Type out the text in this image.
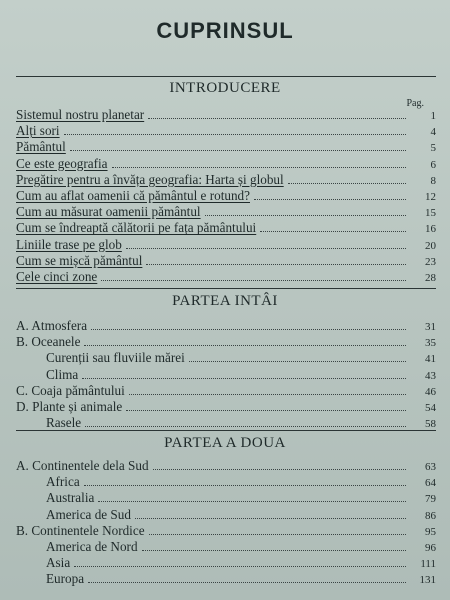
CUPRINSUL
INTRODUCERE
Pag.
Sistemul nostru planetar	1
Alți sori	4
Pământul	5
Ce este geografia	6
Pregătire pentru a învăța geografia: Harta și globul	8
Cum au aflat oamenii că pământul e rotund?	12
Cum au măsurat oamenii pământul	15
Cum se îndreaptă călătorii pe fața pământului	16
Liniile trase pe glob	20
Cum se mișcă pământul	23
Cele cinci zone	28
PARTEA INTÂI
A. Atmosfera	31
B. Oceanele	35
Curenții sau fluviile mărei	41
Clima	43
C. Coaja pământului	46
D. Plante și animale	54
Rasele	58
PARTEA A DOUA
A. Continentele dela Sud	63
Africa	64
Australia	79
America de Sud	86
B. Continentele Nordice	95
America de Nord	96
Asia	111
Europa	131
